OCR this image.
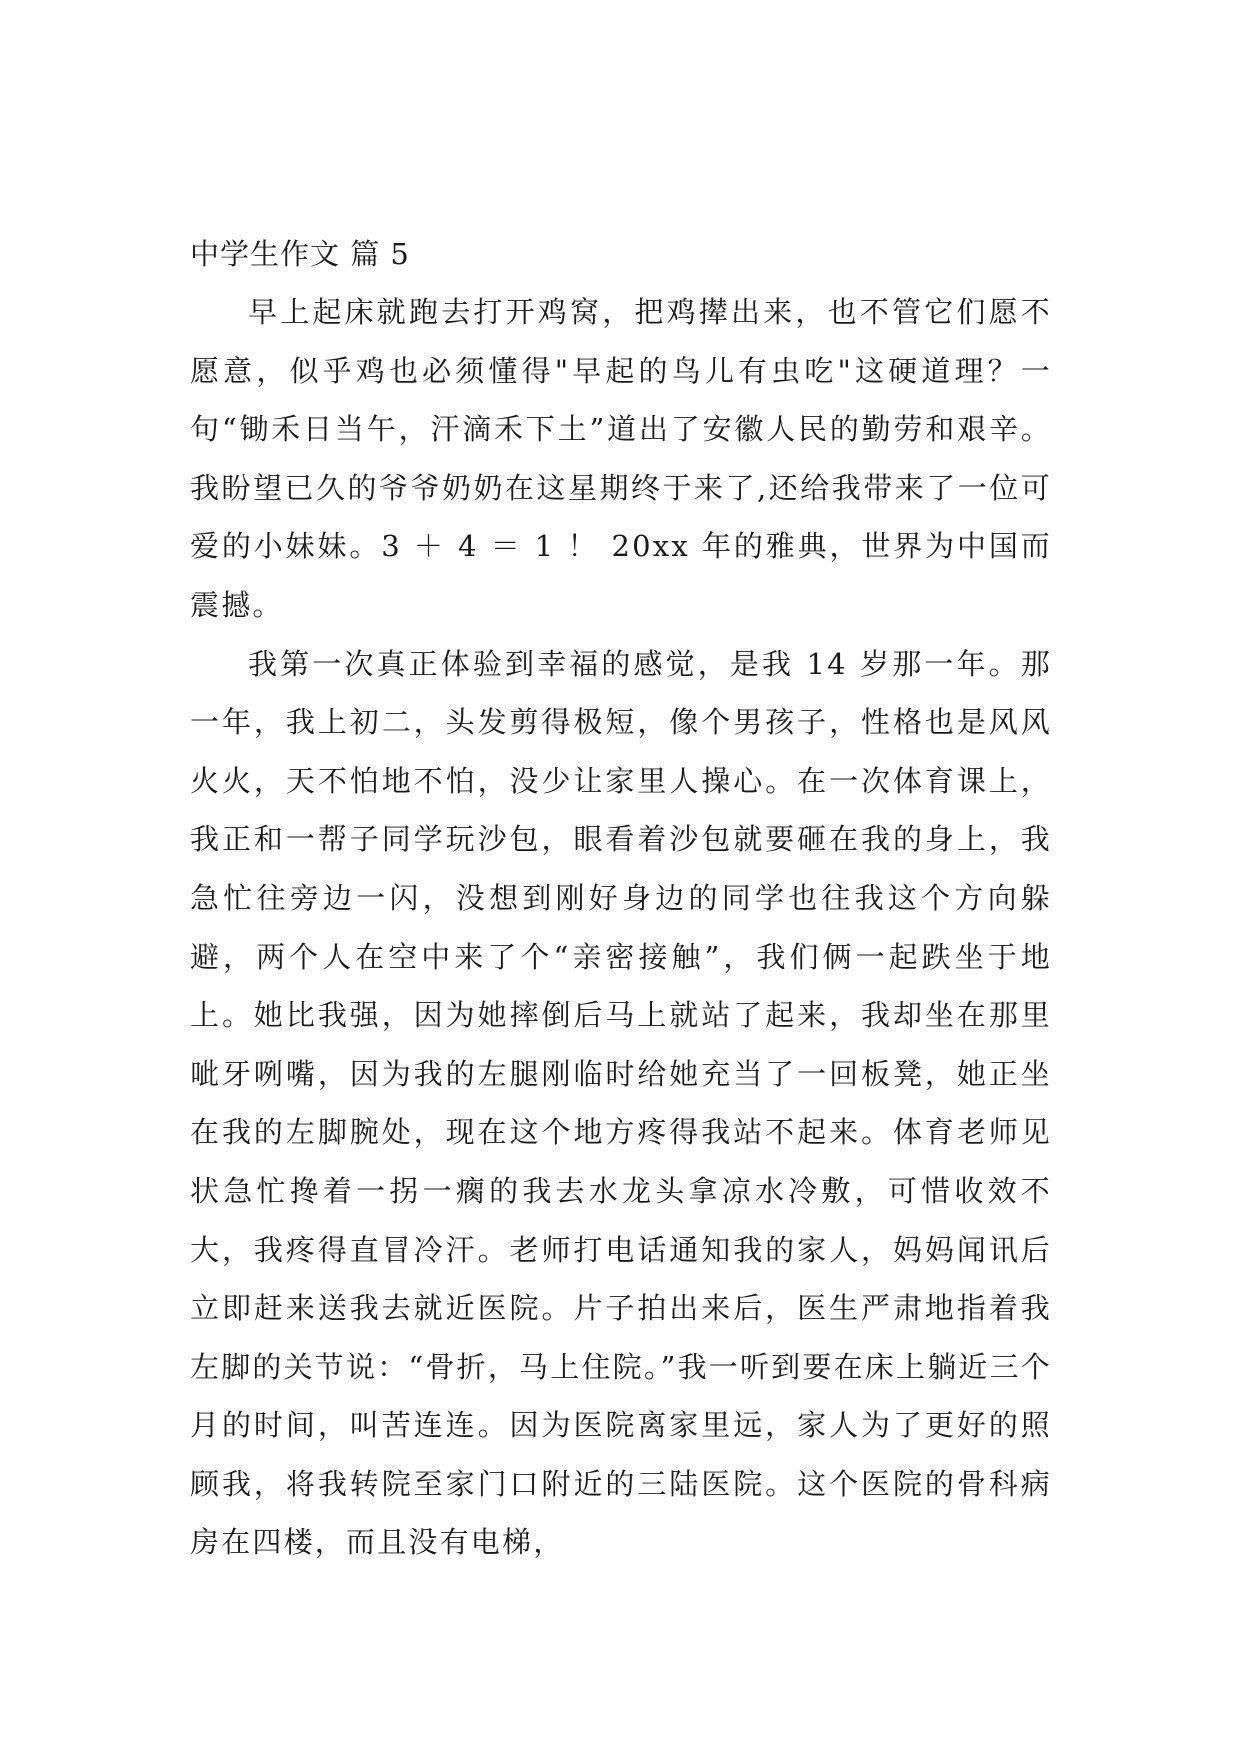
中学生作文 篇 5

早上起床就跑去打开鸡窝，把鸡撵出来，也不管它们愿不愿意，似乎鸡也必须懂得"早起的鸟儿有虫吃"这硬道理？一句“锄禾日当午，汗滴禾下土”道出了安徽人民的勤劳和艰辛。我盼望已久的爷爷奶奶在这星期终于来了,还给我带来了一位可爱的小妹妹。3 ＋ 4 ＝ 1 ！ 20xx 年的雅典，世界为中国而震撼。

我第一次真正体验到幸福的感觉，是我 14 岁那一年。那一年，我上初二，头发剪得极短，像个男孩子，性格也是风风火火，天不怕地不怕，没少让家里人操心。在一次体育课上，我正和一帮子同学玩沙包，眼看着沙包就要砸在我的身上，我急忙往旁边一闪，没想到刚好身边的同学也往我这个方向躲避，两个人在空中来了个“亲密接触”，我们俩一起跌坐于地上。她比我强，因为她摔倒后马上就站了起来，我却坐在那里呲牙咧嘴，因为我的左腿刚临时给她充当了一回板凳，她正坐在我的左脚腕处，现在这个地方疼得我站不起来。体育老师见状急忙搀着一拐一瘸的我去水龙头拿凉水冷敷，可惜收效不大，我疼得直冒冷汗。老师打电话通知我的家人，妈妈闻讯后立即赶来送我去就近医院。片子拍出来后，医生严肃地指着我左脚的关节说：“骨折，马上住院。”我一听到要在床上躺近三个月的时间，叫苦连连。因为医院离家里远，家人为了更好的照顾我，将我转院至家门口附近的三陆医院。这个医院的骨科病房在四楼，而且没有电梯，
